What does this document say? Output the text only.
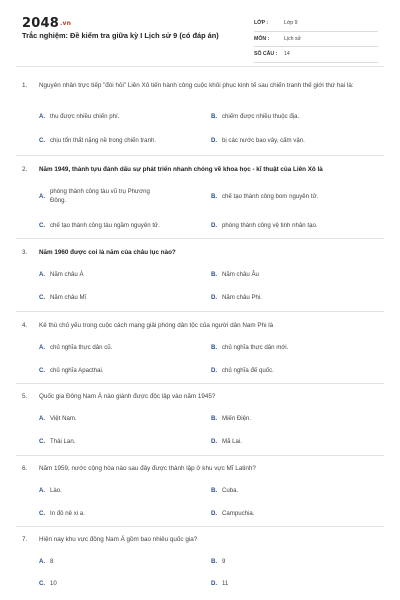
2048.vn
Trắc nghiệm: Đề kiểm tra giữa kỳ I Lịch sử 9 (có đáp án)
LỚP :	Lớp 9
MÔN :	Lịch sử
SỐ CÂU :	14
1. Nguyên nhân trực tiếp "đòi hỏi" Liên Xô tiến hành công cuộc khôi phục kinh tế sau chiến tranh thế giới thứ hai là:
A. thu được nhiều chiến phí.	B. chiếm được nhiều thuộc địa.
C. chịu tổn thất nặng nề trong chiến tranh.	D. bị các nước bao vây, cấm vận.
2. Năm 1949, thành tựu đánh dấu sự phát triển nhanh chóng về khoa học - kĩ thuật của Liên Xô là
A.
phóng thành công tàu vũ trụ Phương Đông.	B. chế tạo thành công bom nguyên tử.
C. chế tạo thành công tàu ngầm nguyên tử.	D. phóng thành công vệ tinh nhân tạo.
3. Năm 1960 được coi là năm của châu lục nào?
A. Năm châu Á	B. Năm châu Âu
C. Năm châu Mĩ	D. Năm châu Phi.
4. Kẻ thù chủ yếu trong cuộc cách mạng giải phóng dân tộc của người dân Nam Phi là
A. chủ nghĩa thực dân cũ.	B. chủ nghĩa thực dân mới.
C. chủ nghĩa Apacthai.	D. chủ nghĩa đế quốc.
5. Quốc gia Đông Nam Á nào giành được độc lập vào năm 1945?
A. Việt Nam.	B. Miến Điện.
C. Thái Lan.	D. Mã Lai.
6. Năm 1959, nước cộng hòa nào sau đây được thành lập ở khu vực Mĩ Latinh?
A. Lào.	B. Cuba.
C. In đô nê xi a.	D. Campuchia.
7. Hiện nay khu vực đông Nam Á gồm bao nhiêu quốc gia?
A. 8	B. 9
C. 10	D. 11
